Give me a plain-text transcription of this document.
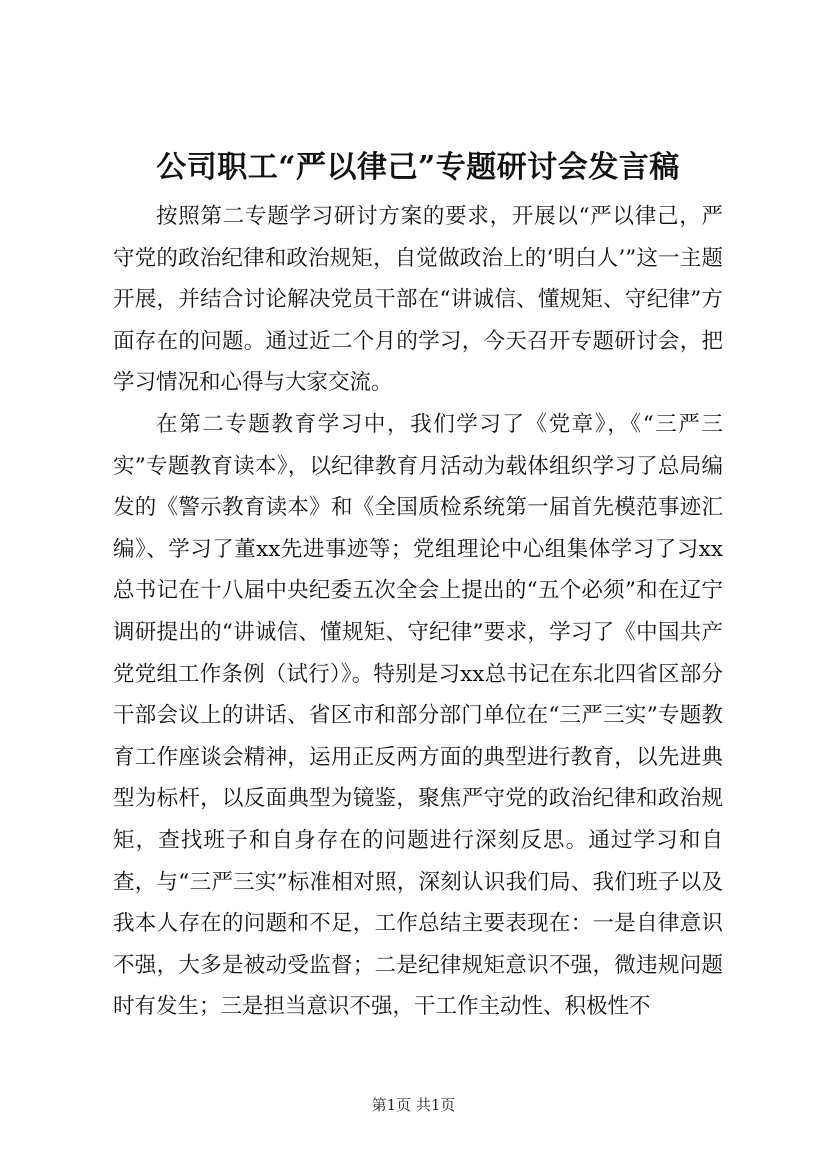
公司职工“严以律己”专题研讨会发言稿

按照第二专题学习研讨方案的要求，开展以“严以律己，严守党的政治纪律和政治规矩，自觉做政治上的‘明白人’”这一主题开展，并结合讨论解决党员干部在“讲诚信、懂规矩、守纪律”方面存在的问题。通过近二个月的学习，今天召开专题研讨会，把学习情况和心得与大家交流。

在第二专题教育学习中，我们学习了《党章》，《“三严三实”专题教育读本》，以纪律教育月活动为载体组织学习了总局编发的《警示教育读本》和《全国质检系统第一届首先模范事迹汇编》、学习了董xx先进事迹等；党组理论中心组集体学习了习xx总书记在十八届中央纪委五次全会上提出的“五个必须”和在辽宁调研提出的“讲诚信、懂规矩、守纪律”要求，学习了《中国共产党党组工作条例（试行）》。特别是习xx总书记在东北四省区部分干部会议上的讲话、省区市和部分部门单位在“三严三实”专题教育工作座谈会精神，运用正反两方面的典型进行教育，以先进典型为标杆，以反面典型为镜鉴，聚焦严守党的政治纪律和政治规矩，查找班子和自身存在的问题进行深刻反思。通过学习和自查，与“三严三实”标准相对照，深刻认识我们局、我们班子以及我本人存在的问题和不足，工作总结主要表现在：一是自律意识不强，大多是被动受监督；二是纪律规矩意识不强，微违规问题时有发生；三是担当意识不强，干工作主动性、积极性不

第1页 共1页
